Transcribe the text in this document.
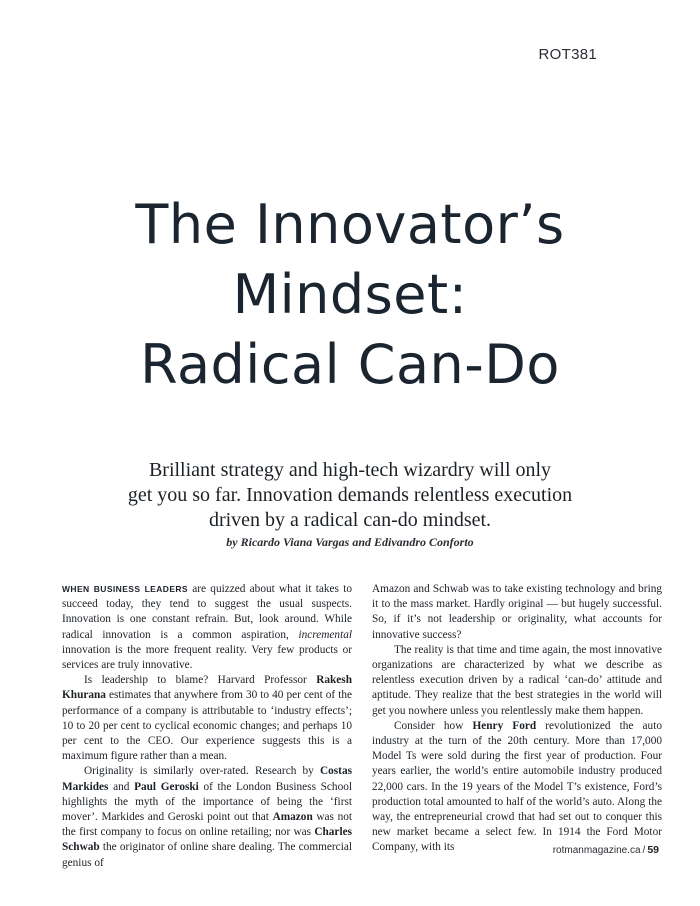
ROT381
The Innovator’s
Mindset:
Radical Can-Do
Brilliant strategy and high-tech wizardry will only
get you so far. Innovation demands relentless execution
driven by a radical can-do mindset.
by Ricardo Viana Vargas and Edivandro Conforto

WHEN BUSINESS LEADERS are quizzed about what it takes to succeed today, they tend to suggest the usual suspects. Innovation is one constant refrain. But, look around. While radical innovation is a common aspiration, incremental innovation is the more frequent reality. Very few products or services are truly innovative.

Is leadership to blame? Harvard Professor Rakesh Khurana estimates that anywhere from 30 to 40 per cent of the performance of a company is attributable to ‘industry effects’; 10 to 20 per cent to cyclical economic changes; and perhaps 10 per cent to the CEO. Our experience suggests this is a maximum figure rather than a mean.

Originality is similarly over-rated. Research by Costas Markides and Paul Geroski of the London Business School highlights the myth of the importance of being the ‘first mover’. Markides and Geroski point out that Amazon was not the first company to focus on online retailing; nor was Charles Schwab the originator of online share dealing. The commercial genius of

Amazon and Schwab was to take existing technology and bring it to the mass market. Hardly original — but hugely successful. So, if it’s not leadership or originality, what accounts for innovative success?

The reality is that time and time again, the most innovative organizations are characterized by what we describe as relentless execution driven by a radical ‘can-do’ attitude and aptitude. They realize that the best strategies in the world will get you nowhere unless you relentlessly make them happen.

Consider how Henry Ford revolutionized the auto industry at the turn of the 20th century. More than 17,000 Model Ts were sold during the first year of production. Four years earlier, the world’s entire automobile industry produced 22,000 cars. In the 19 years of the Model T’s existence, Ford’s production total amounted to half of the world’s auto. Along the way, the entrepreneurial crowd that had set out to conquer this new market became a select few. In 1914 the Ford Motor Company, with its	rotmanmagazine.ca / 59
